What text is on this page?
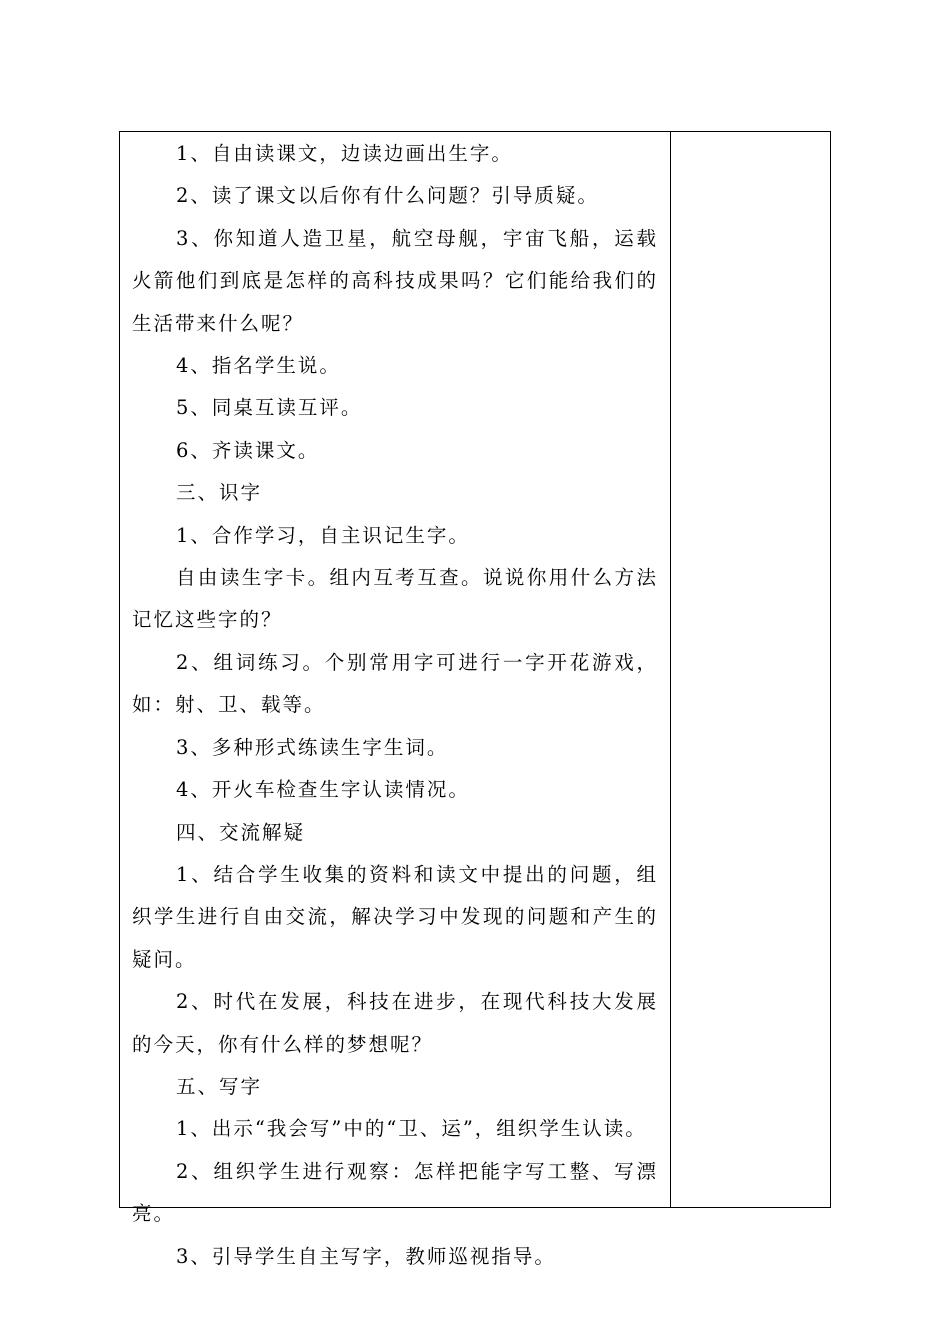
1、自由读课文，边读边画出生字。

2、读了课文以后你有什么问题？引导质疑。

3、你知道人造卫星，航空母舰，宇宙飞船，运载火箭他们到底是怎样的高科技成果吗？它们能给我们的生活带来什么呢？

4、指名学生说。

5、同桌互读互评。

6、齐读课文。

三、识字

1、合作学习，自主识记生字。

自由读生字卡。组内互考互查。说说你用什么方法记忆这些字的？

2、组词练习。个别常用字可进行一字开花游戏，如：射、卫、载等。

3、多种形式练读生字生词。

4、开火车检查生字认读情况。

四、交流解疑

1、结合学生收集的资料和读文中提出的问题，组织学生进行自由交流，解决学习中发现的问题和产生的疑问。

2、时代在发展，科技在进步，在现代科技大发展的今天，你有什么样的梦想呢？

五、写字

1、出示“我会写”中的“卫、运”，组织学生认读。

2、组织学生进行观察：怎样把能字写工整、写漂亮。

3、引导学生自主写字，教师巡视指导。
